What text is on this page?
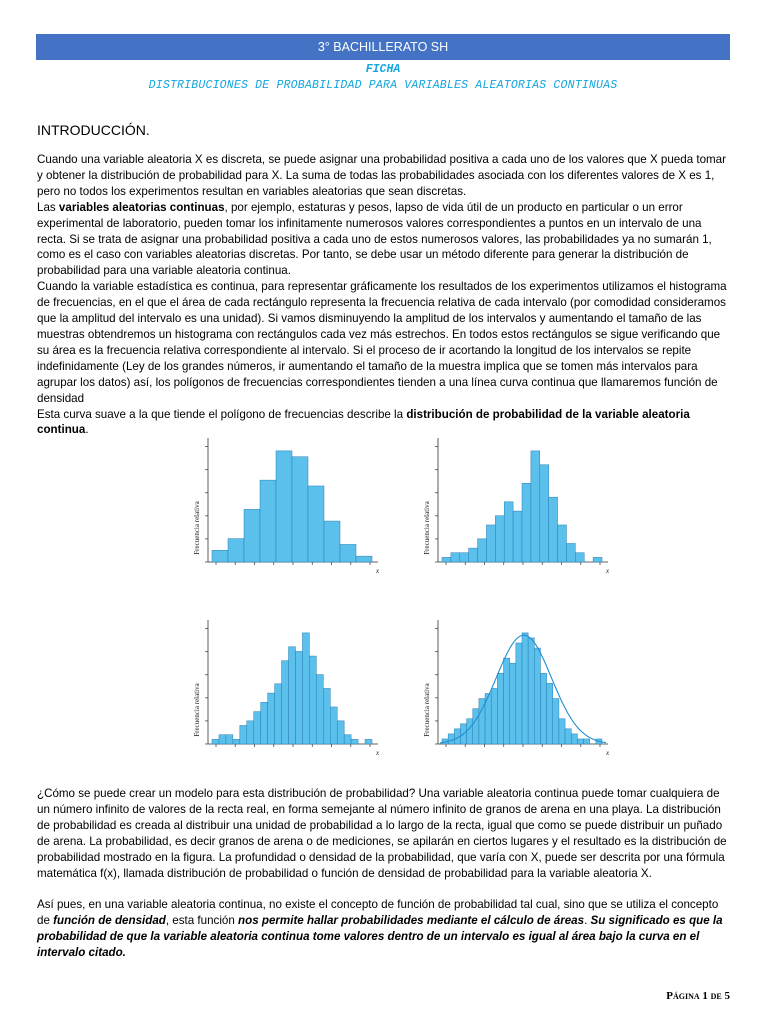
3° BACHILLERATO SH
FICHA
DISTRIBUCIONES DE PROBABILIDAD PARA VARIABLES ALEATORIAS CONTINUAS
INTRODUCCIÓN.

Cuando una variable aleatoria X es discreta, se puede asignar una probabilidad positiva a cada uno de los valores que X pueda tomar y obtener la distribución de probabilidad para X. La suma de todas las probabilidades asociada con los diferentes valores de X es 1, pero no todos los experimentos resultan en variables aleatorias que sean discretas.

Las variables aleatorias continuas, por ejemplo, estaturas y pesos, lapso de vida útil de un producto en particular o un error experimental de laboratorio, pueden tomar los infinitamente numerosos valores correspondientes a puntos en un intervalo de una recta. Si se trata de asignar una probabilidad positiva a cada uno de estos numerosos valores, las probabilidades ya no sumarán 1, como es el caso con variables aleatorias discretas. Por tanto, se debe usar un método diferente para generar la distribución de probabilidad para una variable aleatoria continua.

Cuando la variable estadística es continua, para representar gráficamente los resultados de los experimentos utilizamos el histograma de frecuencias, en el que el área de cada rectángulo representa la frecuencia relativa de cada intervalo (por comodidad consideramos que la amplitud del intervalo es una unidad). Si vamos disminuyendo la amplitud de los intervalos y aumentando el tamaño de las muestras obtendremos un histograma con rectángulos cada vez más estrechos. En todos estos rectángulos se sigue verificando que su área es la frecuencia relativa correspondiente al intervalo. Si el proceso de ir acortando la longitud de los intervalos se repite indefinidamente (Ley de los grandes números, ir aumentando el tamaño de la muestra implica que se tomen más intervalos para agrupar los datos) así, los polígonos de frecuencias correspondientes tienden a una línea curva continua que llamaremos función de densidad

Esta curva suave a la que tiende el polígono de frecuencias describe la distribución de probabilidad de la variable aleatoria continua.

Frecuencia relativa
x
Frecuencia relativa
x
Frecuencia relativa
x
Frecuencia relativa
x

¿Cómo se puede crear un modelo para esta distribución de probabilidad? Una variable aleatoria continua puede tomar cualquiera de un número infinito de valores de la recta real, en forma semejante al número infinito de granos de arena en una playa. La distribución de probabilidad es creada al distribuir una unidad de probabilidad a lo largo de la recta, igual que como se puede distribuir un puñado de arena. La probabilidad, es decir granos de arena o de mediciones, se apilarán en ciertos lugares y el resultado es la distribución de probabilidad mostrado en la figura. La profundidad o densidad de la probabilidad, que varía con X, puede ser descrita por una fórmula matemática f(x), llamada distribución de probabilidad o función de densidad de probabilidad para la variable aleatoria X.

Así pues, en una variable aleatoria continua, no existe el concepto de función de probabilidad tal cual, sino que se utiliza el concepto de función de densidad, esta función nos permite hallar probabilidades mediante el cálculo de áreas. Su significado es que la probabilidad de que la variable aleatoria continua tome valores dentro de un intervalo es igual al área bajo la curva en el intervalo citado.

Página 1 de 5
